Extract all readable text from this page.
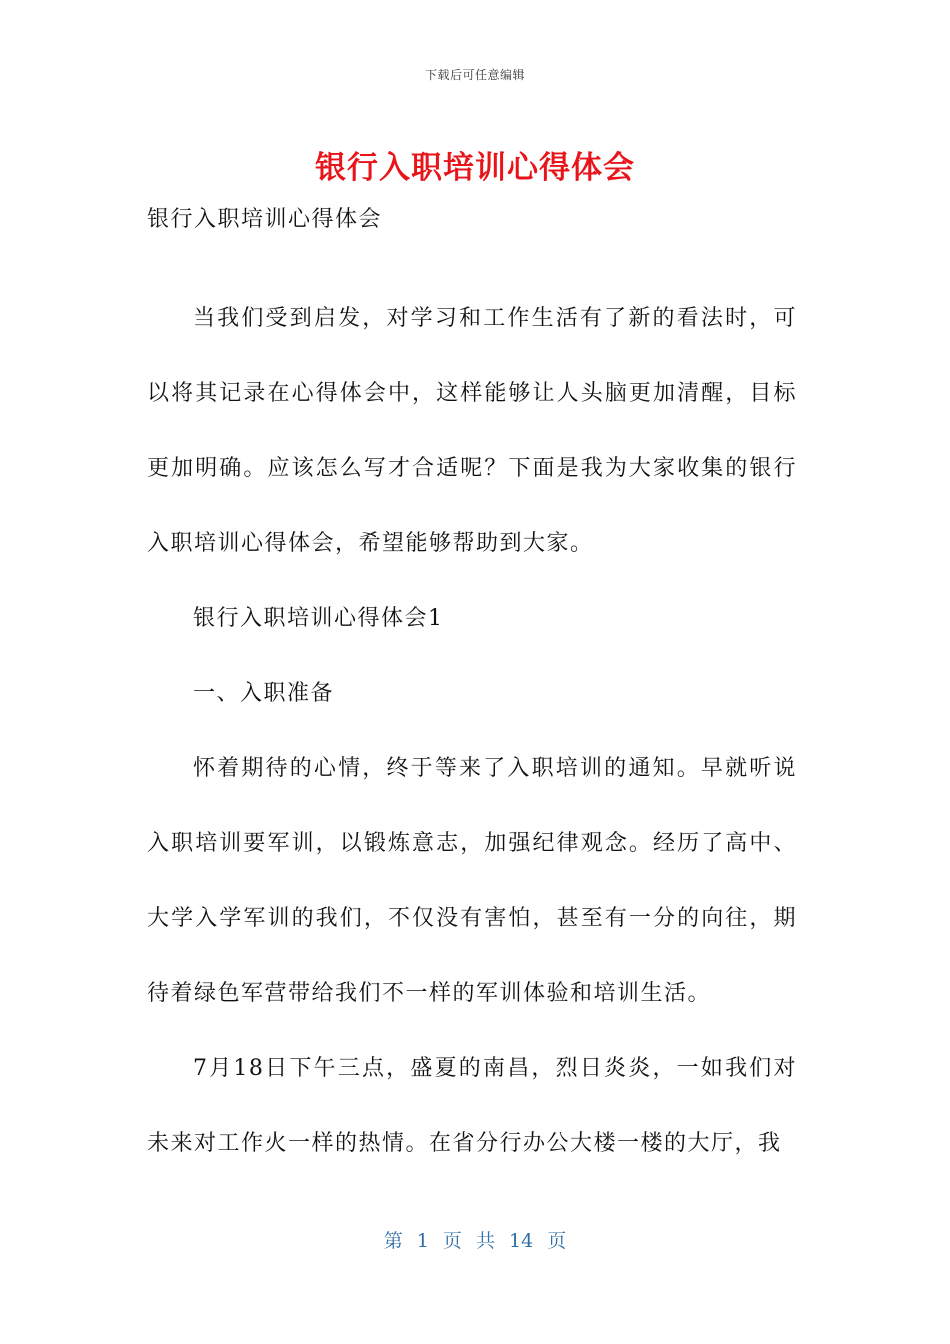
下载后可任意编辑
银行入职培训心得体会

银行入职培训心得体会

当我们受到启发，对学习和工作生活有了新的看法时，可以将其记录在心得体会中，这样能够让人头脑更加清醒，目标更加明确。应该怎么写才合适呢？下面是我为大家收集的银行入职培训心得体会，希望能够帮助到大家。

银行入职培训心得体会1

一、入职准备

怀着期待的心情，终于等来了入职培训的通知。早就听说入职培训要军训，以锻炼意志，加强纪律观念。经历了高中、大学入学军训的我们，不仅没有害怕，甚至有一分的向往，期待着绿色军营带给我们不一样的军训体验和培训生活。

7月18日下午三点，盛夏的南昌，烈日炎炎，一如我们对未来对工作火一样的热情。在省分行办公大楼一楼的大厅，我

第 1 页 共 14 页
